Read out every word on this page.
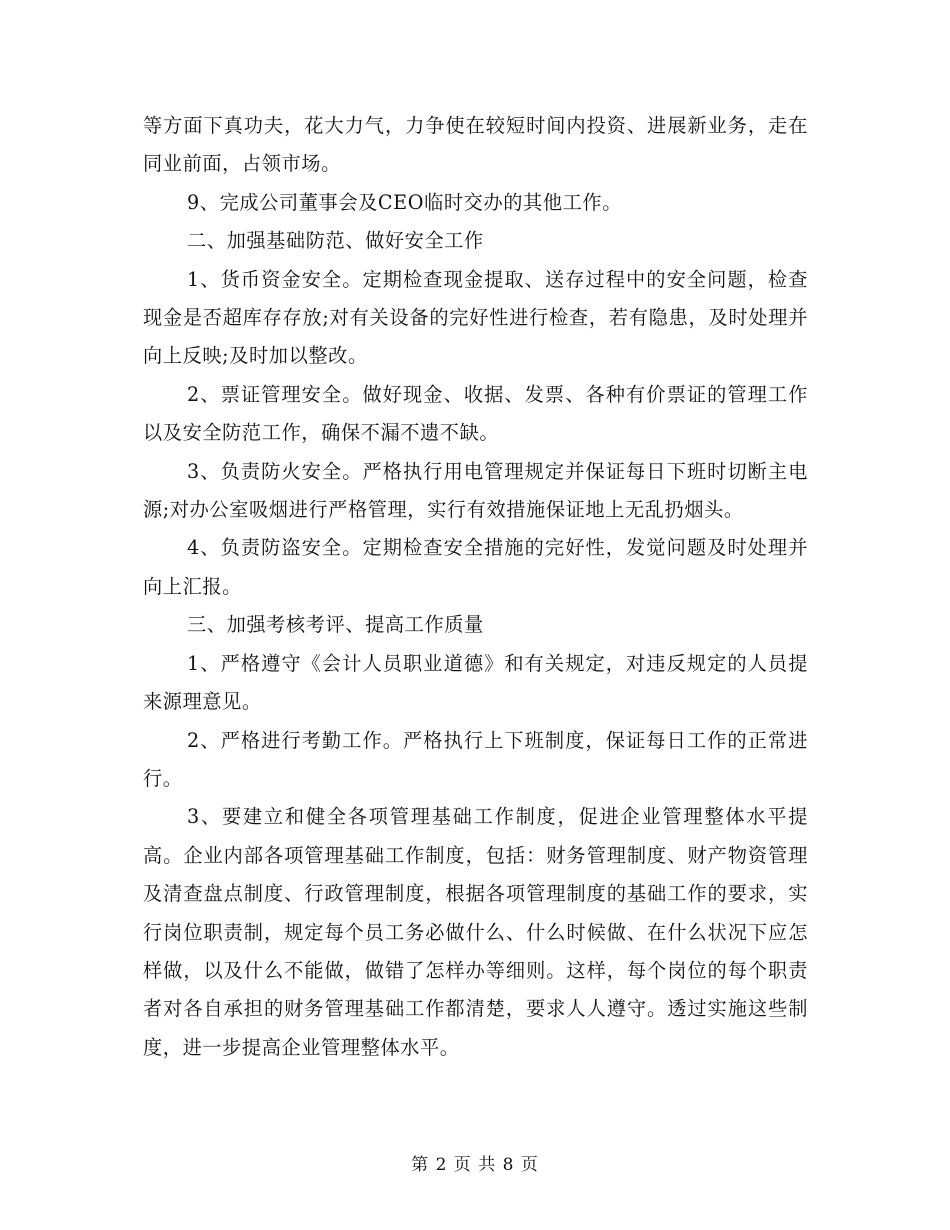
等方面下真功夫，花大力气，力争使在较短时间内投资、进展新业务，走在同业前面，占领市场。

9、完成公司董事会及CEO临时交办的其他工作。

二、加强基础防范、做好安全工作

1、货币资金安全。定期检查现金提取、送存过程中的安全问题，检查现金是否超库存存放;对有关设备的完好性进行检查，若有隐患，及时处理并向上反映;及时加以整改。

2、票证管理安全。做好现金、收据、发票、各种有价票证的管理工作以及安全防范工作，确保不漏不遗不缺。

3、负责防火安全。严格执行用电管理规定并保证每日下班时切断主电源;对办公室吸烟进行严格管理，实行有效措施保证地上无乱扔烟头。

4、负责防盗安全。定期检查安全措施的完好性，发觉问题及时处理并向上汇报。

三、加强考核考评、提高工作质量

1、严格遵守《会计人员职业道德》和有关规定，对违反规定的人员提来源理意见。

2、严格进行考勤工作。严格执行上下班制度，保证每日工作的正常进行。

3、要建立和健全各项管理基础工作制度，促进企业管理整体水平提高。企业内部各项管理基础工作制度，包括：财务管理制度、财产物资管理及清查盘点制度、行政管理制度，根据各项管理制度的基础工作的要求，实行岗位职责制，规定每个员工务必做什么、什么时候做、在什么状况下应怎样做，以及什么不能做，做错了怎样办等细则。这样，每个岗位的每个职责者对各自承担的财务管理基础工作都清楚，要求人人遵守。透过实施这些制度，进一步提高企业管理整体水平。

第 2 页 共 8 页
